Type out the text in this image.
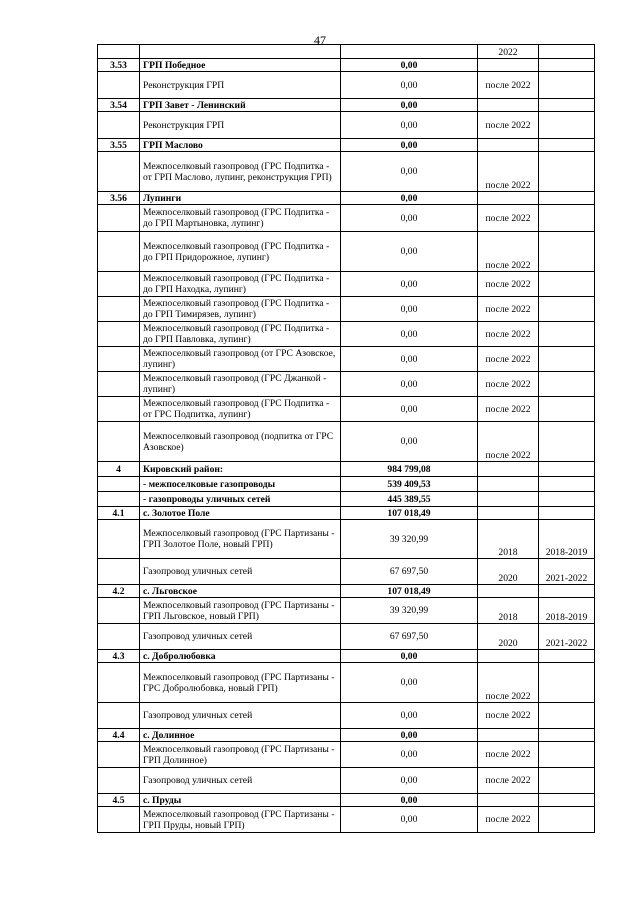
47
			2022	
3.53	ГРП Победное	0,00		
	Реконструкция ГРП	0,00	после 2022	
3.54	ГРП Завет - Ленинский	0,00		
	Реконструкция ГРП	0,00	после 2022	
3.55	ГРП Маслово	0,00		
	Межпоселковый газопровод (ГРС Подпитка - от ГРП Маслово, лупинг, реконструкция ГРП)	0,00	после 2022	
3.56	Лупинги	0,00		
	Межпоселковый газопровод (ГРС Подпитка - до ГРП Мартыновка, лупинг)	0,00	после 2022	
	Межпоселковый газопровод (ГРС Подпитка - до ГРП Придорожное, лупинг)	0,00	после 2022	
	Межпоселковый газопровод (ГРС Подпитка - до ГРП Находка, лупинг)	0,00	после 2022	
	Межпоселковый газопровод (ГРС Подпитка - до ГРП Тимирязев, лупинг)	0,00	после 2022	
	Межпоселковый газопровод (ГРС Подпитка - до ГРП Павловка, лупинг)	0,00	после 2022	
	Межпоселковый газопровод (от ГРС Азовское, лупинг)	0,00	после 2022	
	Межпоселковый газопровод (ГРС Джанкой - лупинг)	0,00	после 2022	
	Межпоселковый газопровод (ГРС Подпитка - от ГРС Подпитка, лупинг)	0,00	после 2022	
	Межпоселковый газопровод (подпитка от ГРС Азовское)	0,00	после 2022	
4	Кировский район:	984 799,08		
	- межпоселковые газопроводы	539 409,53		
	- газопроводы уличных сетей	445 389,55		
4.1	с. Золотое Поле	107 018,49		
	Межпоселковый газопровод (ГРС Партизаны - ГРП Золотое Поле, новый ГРП)	39 320,99	2018	2018-2019
	Газопровод уличных сетей	67 697,50	2020	2021-2022
4.2	с. Льговское	107 018,49		
	Межпоселковый газопровод (ГРС Партизаны - ГРП Льговское, новый ГРП)	39 320,99	2018	2018-2019
	Газопровод уличных сетей	67 697,50	2020	2021-2022
4.3	с. Добролюбовка	0,00		
	Межпоселковый газопровод (ГРС Партизаны - ГРС Добролюбовка, новый ГРП)	0,00	после 2022	
	Газопровод уличных сетей	0,00	после 2022	
4.4	с. Долинное	0,00		
	Межпоселковый газопровод (ГРС Партизаны - ГРП Долинное)	0,00	после 2022	
	Газопровод уличных сетей	0,00	после 2022	
4.5	с. Пруды	0,00		
	Межпоселковый газопровод (ГРС Партизаны - ГРП Пруды, новый ГРП)	0,00	после 2022	
